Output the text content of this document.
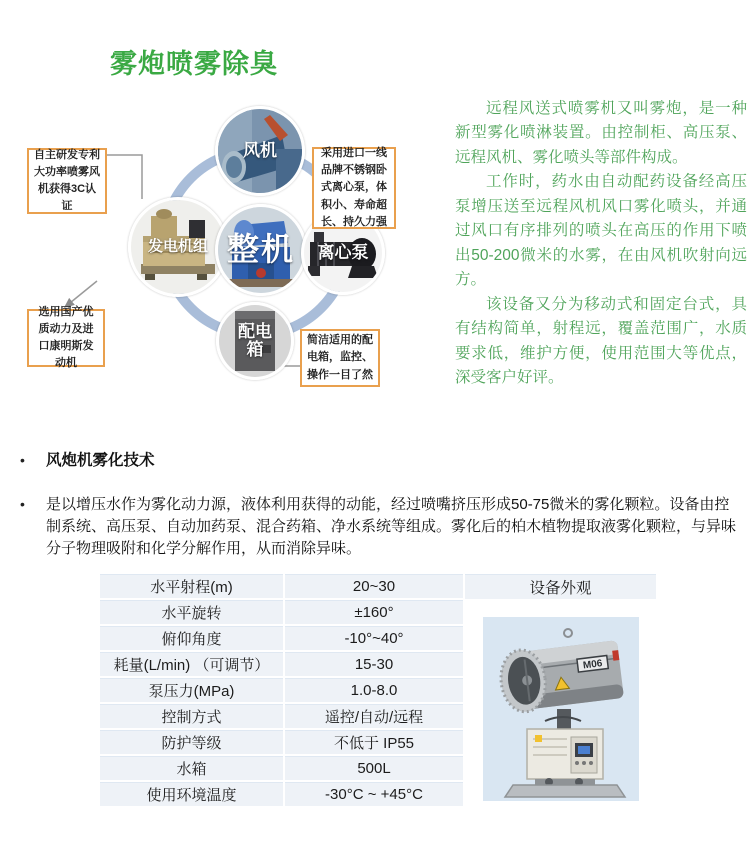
雾炮喷雾除臭
风机
发电机组 整机 离心泵
配电箱
自主研发专利大功率喷雾风机获得3C认证
选用国产优质动力及进口康明斯发动机
采用进口一线品牌不锈钢卧式离心泵，体积小、寿命超长、持久力强
简洁适用的配电箱，监控、操作一目了然

远程风送式喷雾机又叫雾炮，是一种新型雾化喷淋装置。由控制柜、高压泵、远程风机、雾化喷头等部件构成。

工作时，药水由自动配药设备经高压泵增压送至远程风机风口雾化喷头，并通过风口有序排列的喷头在高压的作用下喷出50-200微米的水雾，在由风机吹射向远方。

该设备又分为移动式和固定台式，具有结构简单，射程远，覆盖范围广，水质要求低，维护方便，使用范围大等优点，深受客户好评。

•	风炮机雾化技术
•	是以增压水作为雾化动力源，液体利用获得的动能，经过喷嘴挤压形成50-75微米的雾化颗粒。设备由控制系统、高压泵、自动加药泵、混合药箱、净水系统等组成。雾化后的柏木植物提取液雾化颗粒，与异味分子物理吸附和化学分解作用，从而消除异味。
水平射程(m)	20~30
水平旋转	±160°
俯仰角度	-10°~40°
耗量(L/min) （可调节）	15-30
泵压力(MPa)	1.0-8.0
控制方式	遥控/自动/远程
防护等级	不低于 IP55
水箱	500L
使用环境温度	-30°C ~ +45°C
设备外观
M06
